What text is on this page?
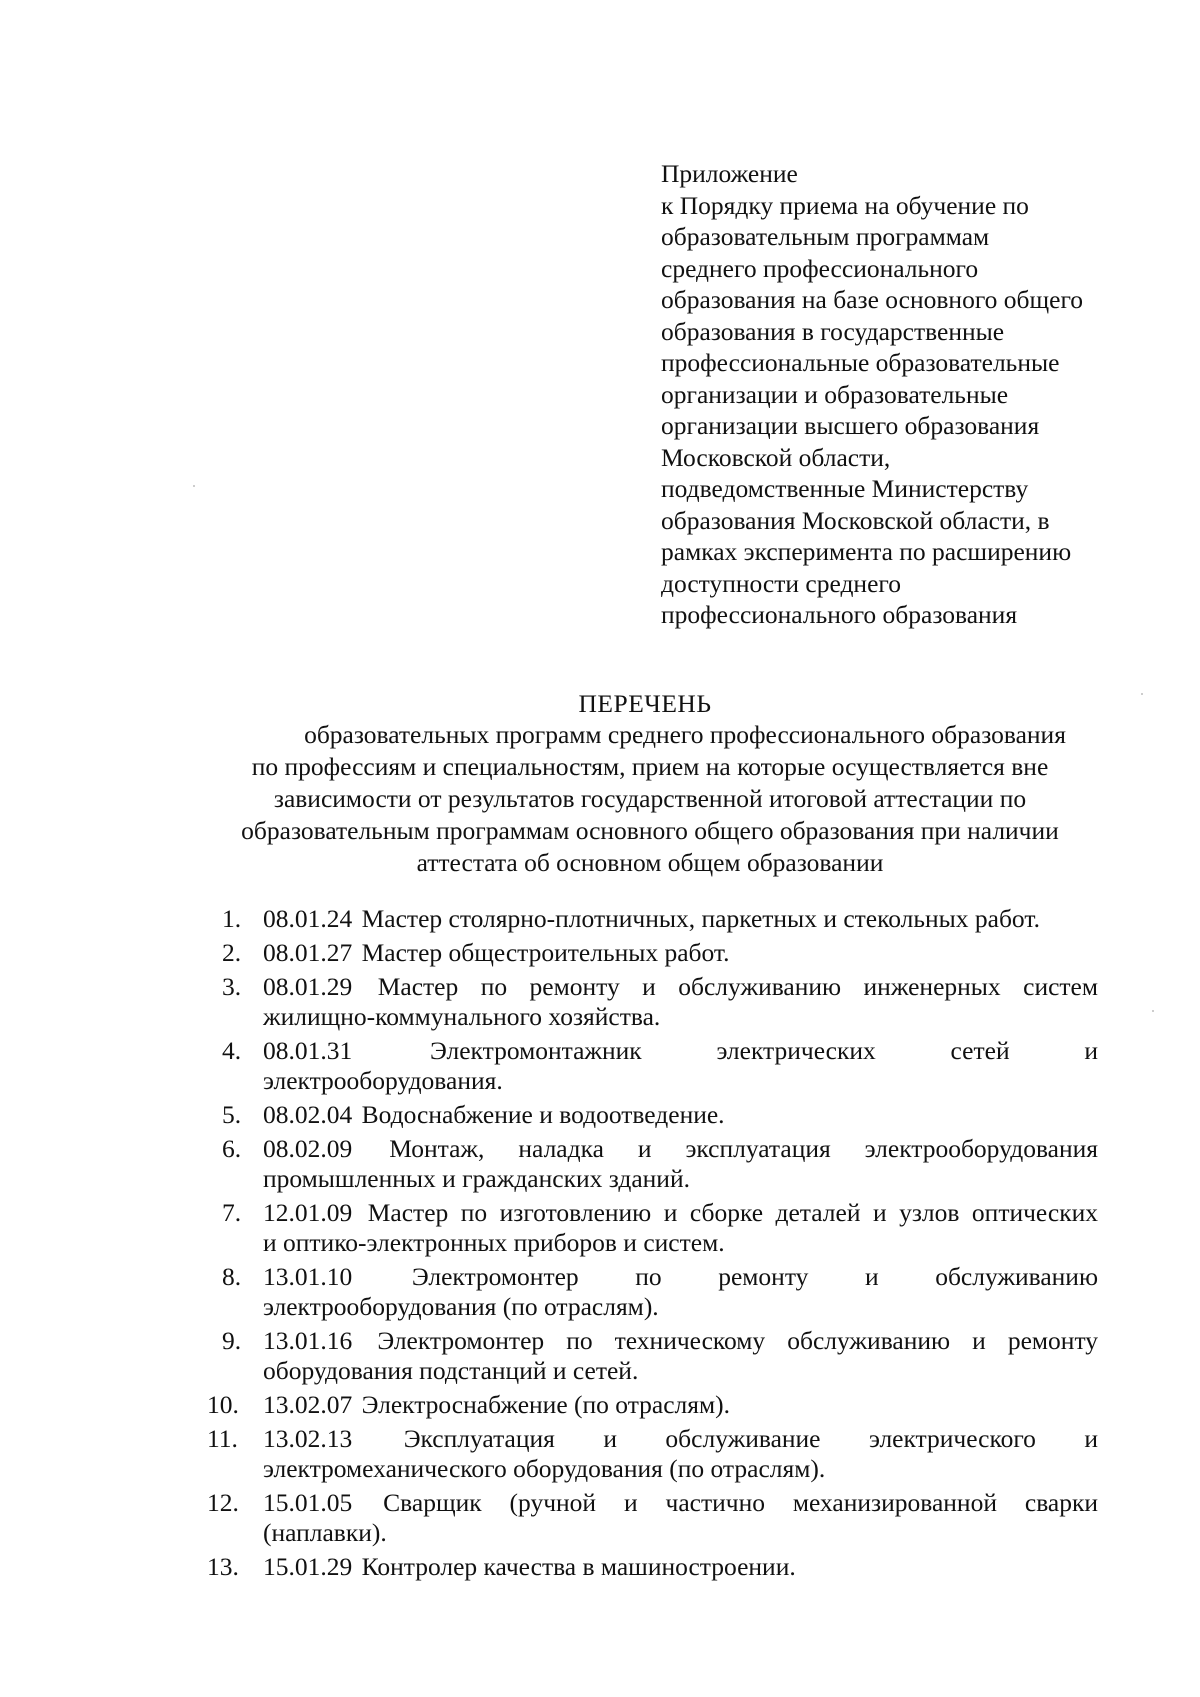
Приложение
к Порядку приема на обучение по
образовательным программам
среднего профессионального
образования на базе основного общего
образования в государственные
профессиональные образовательные
организации и образовательные
организации высшего образования
Московской области,
подведомственные Министерству
образования Московской области, в
рамках эксперимента по расширению
доступности среднего
профессионального образования
ПЕРЕЧЕНЬ
образовательных программ среднего профессионального образования
по профессиям и специальностям, прием на которые осуществляется вне
зависимости от результатов государственной итоговой аттестации по
образовательным программам основного общего образования при наличии
аттестата об основном общем образовании
1. 08.01.24 Мастер столярно-плотничных, паркетных и стекольных работ.
2. 08.01.27 Мастер общестроительных работ.
3. 08.01.29 Мастер по ремонту и обслуживанию инженерных систем
жилищно-коммунального хозяйства.
4. 08.01.31	Электромонтажник электрических сетей и
электрооборудования.
5. 08.02.04 Водоснабжение и водоотведение.
6. 08.02.09 Монтаж, наладка и эксплуатация электрооборудования
промышленных и гражданских зданий.
7. 12.01.09 Мастер по изготовлению и сборке деталей и узлов оптических
и оптико-электронных приборов и систем.
8. 13.01.10 Электромонтер по ремонту и обслуживанию
электрооборудования (по отраслям).
9. 13.01.16 Электромонтер по техническому обслуживанию и ремонту
оборудования подстанций и сетей.
10. 13.02.07 Электроснабжение (по отраслям).
11. 13.02.13 Эксплуатация и обслуживание электрического и
электромеханического оборудования (по отраслям).
12. 15.01.05 Сварщик (ручной и частично механизированной сварки
(наплавки).
13. 15.01.29 Контролер качества в машиностроении.
